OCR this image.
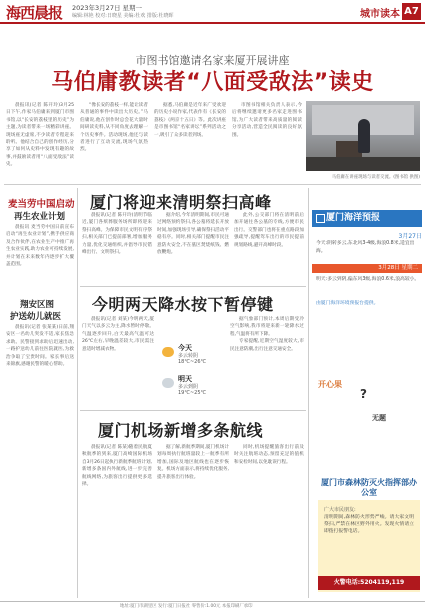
海西晨报 2023年3月27日 星期一
编辑:林艳 校对:日晓星 美编:杜欢 排版:杜晓晖	城市读本 A7
市图书馆邀请名家来厦开展讲座
马伯庸教读者“八面受敌法”读史

晨报讯(记者 陈开玲)3月25日下午,作家马伯庸来到厦门市图书馆,以“长安的荔枝里的历史”为主题,为读者带来一场精彩讲座。现场座无虚席,不少读者专程赶来聆听。他结合自己的创作经历,分享了如何从史料中发现有趣的故事,并鼓励读者用“八面受敌法”读史。

“像长安的荔枝一样,能让读者从普通的事件中读出大历史。”马伯庸说,他在创作时总会花大量时间研读史料,从不同角度去理解一个历史事件。活动现场,他还与读者进行了互动交流,现场气氛热烈。

据悉,马伯庸是近年来广受欢迎的历史小说作家,代表作有《长安的荔枝》《两京十五日》等。此次讲座是市图书馆“名家讲坛”系列活动之一,吸引了众多读者到场。

市图书馆相关负责人表示,今后将继续邀请更多名家走进图书馆,为广大读者带来高质量的阅读分享活动,营造全民阅读的良好氛围。

马伯庸在讲座现场与读者交流。(图书馆 供图)
麦当劳中国启动
再生农业计划

晨报讯 麦当劳中国日前宣布启动“再生农业计划”,携手供应商及合作伙伴,在农业生产中推广再生农业实践,助力农业可持续发展,并计划在未来数年内逐步扩大覆盖范围。

翔安区图
护送幼儿就医

晨报讯(记者 张某某)日前,翔安区一名幼儿突发不适,家长焦急求助。民警接到求助后迅速出动,一路护送幼儿前往医院就医,为救治争取了宝贵时间。家长事后送来锦旗,感谢民警的暖心帮助。

厦门将迎来清明祭扫高峰

晨报讯(记者 陈开玲)清明节临近,厦门各殡葬服务场所即将迎来祭扫高峰。为保障市民文明有序祭扫,相关部门已提前部署,增加服务力量,优化交通组织,并倡导市民错峰出行、文明祭扫。

据介绍,今年清明期间,市民可通过网络预约祭扫,各公墓将延长开放时间,加强现场引导,确保祭扫活动平稳有序。同时,相关部门提醒市民注意防火安全,不在墓区焚烧纸钱、燃放鞭炮。

此外,公交部门将在清明前后加开通往各公墓的专线,方便市民出行。交警部门也将在重点路段加强疏导,提醒驾车出行的市民提前规划路线,避开高峰时段。

厦门海洋预报
3月27日
今天:阴转多云,东北风3-4级,海浪0.8米,适宜出海。
3月28日 星期二
明天:多云到阴,偏东风3级,海浪0.6米,浪高较小。
由厦门海洋环境预报台提供。
今明两天降水按下暂停键

晨报讯(记者 刘某)今明两天,厦门天气以多云为主,降水暂时停歇。气温逐步回升,白天最高气温可达26℃左右,早晚温差较大,市民需注意适时增减衣物。

据气象部门预计,本周后期受冷空气影响,我市将迎来新一轮降水过程,气温将有所下降。

专家提醒,近期空气湿度较大,市民注意防潮,出行注意交通安全。

今天
多云转阴
18℃~26℃
明天
多云到阴
19℃~25℃
开心果
?
无题
厦门机场新增多条航线

晨报讯(记者 陈某)随着民航夏秋航季的到来,厦门高崎国际机场自3月26日起执行新航季航班计划,新增多条国内外航线,进一步完善航线网络,为旅客出行提供更多选择。

据了解,新航季期间,厦门机场计划每周执行航班量较上一航季有所增加,国际及地区航线也在逐步恢复。机场方面表示,将持续优化服务,提升旅客出行体验。

同时,机场提醒旅客出行前及时关注航班动态,预留充足的值机和安检时间,以免耽误行程。

厦门市森林防灭火指挥部办公室
广大市民朋友:
清明期间,森林防火形势严峻。请大家文明祭扫,严禁在林区野外用火。发现火情请立即拨打报警电话。
火警电话:5204119,119
地址:厦门市湖里区 发行:厦门日报社 零售价:1.00元 本报印刷厂承印
